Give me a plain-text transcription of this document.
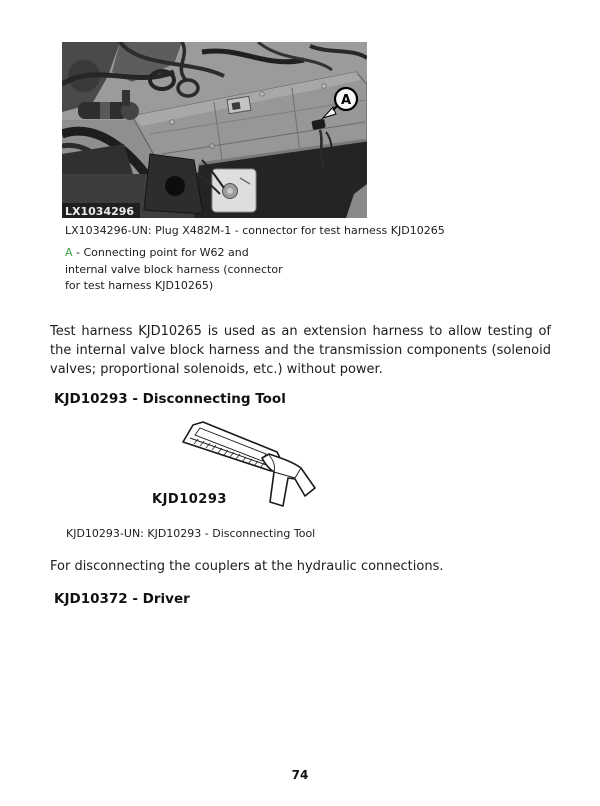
A
LX1034296
LX1034296-UN: Plug X482M-1 - connector for test harness KJD10265
A - Connecting point for W62 and
internal valve block harness (connector
for test harness KJD10265)
Test harness KJD10265 is used as an extension harness to allow testing of the internal valve block harness and the transmission components (solenoid valves; proportional solenoids, etc.) without power.
KJD10293 - Disconnecting Tool
KJD10293
KJD10293-UN: KJD10293 - Disconnecting Tool
For disconnecting the couplers at the hydraulic connections.
KJD10372 - Driver
74
